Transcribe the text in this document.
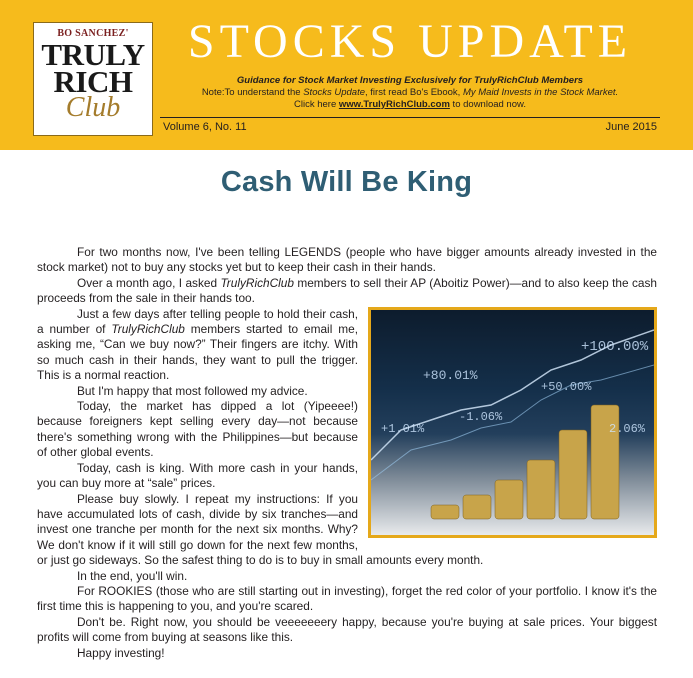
BO SANCHEZ'
TRULY
RICH
Club
STOCKS UPDATE
Guidance for Stock Market Investing Exclusively for TrulyRichClub Members
Note:To understand the Stocks Update, first read Bo's Ebook, My Maid Invests in the Stock Market.
Click here www.TrulyRichClub.com to download now.
Volume 6, No. 11	June 2015
Cash Will Be King

For two months now, I've been telling LEGENDS (people who have bigger amounts already invested in the stock market) not to buy any stocks yet but to keep their cash in their hands.

Over a month ago, I asked TrulyRichClub members to sell their AP (Aboitiz Power)—and to also keep the cash proceeds from the sale in their hands too.

+100.00%
+80.01%
-1.06%
+50.00%
+1.01%	2.06%

Just a few days after telling people to hold their cash, a number of TrulyRichClub members started to email me, asking me, “Can we buy now?” Their fingers are itchy. With so much cash in their hands, they want to pull the trigger. This is a normal reaction.

But I'm happy that most followed my advice.

Today, the market has dipped a lot (Yipeeee!) because foreigners kept selling every day—not because there's something wrong with the Philippines—but because of other global events.

Today, cash is king. With more cash in your hands, you can buy more at “sale” prices.

Please buy slowly. I repeat my instructions: If you have accumulated lots of cash, divide by six tranches—and invest one tranche per month for the next six months. Why? We don't know if it will still go down for the next few months, or just go sideways. So the safest thing to do is to buy in small amounts every month.

In the end, you'll win.

For ROOKIES (those who are still starting out in investing), forget the red color of your portfolio. I know it's the first time this is happening to you, and you're scared.

Don't be. Right now, you should be veeeeeeery happy, because you're buying at sale prices. Your biggest profits will come from buying at seasons like this.

Happy investing!
